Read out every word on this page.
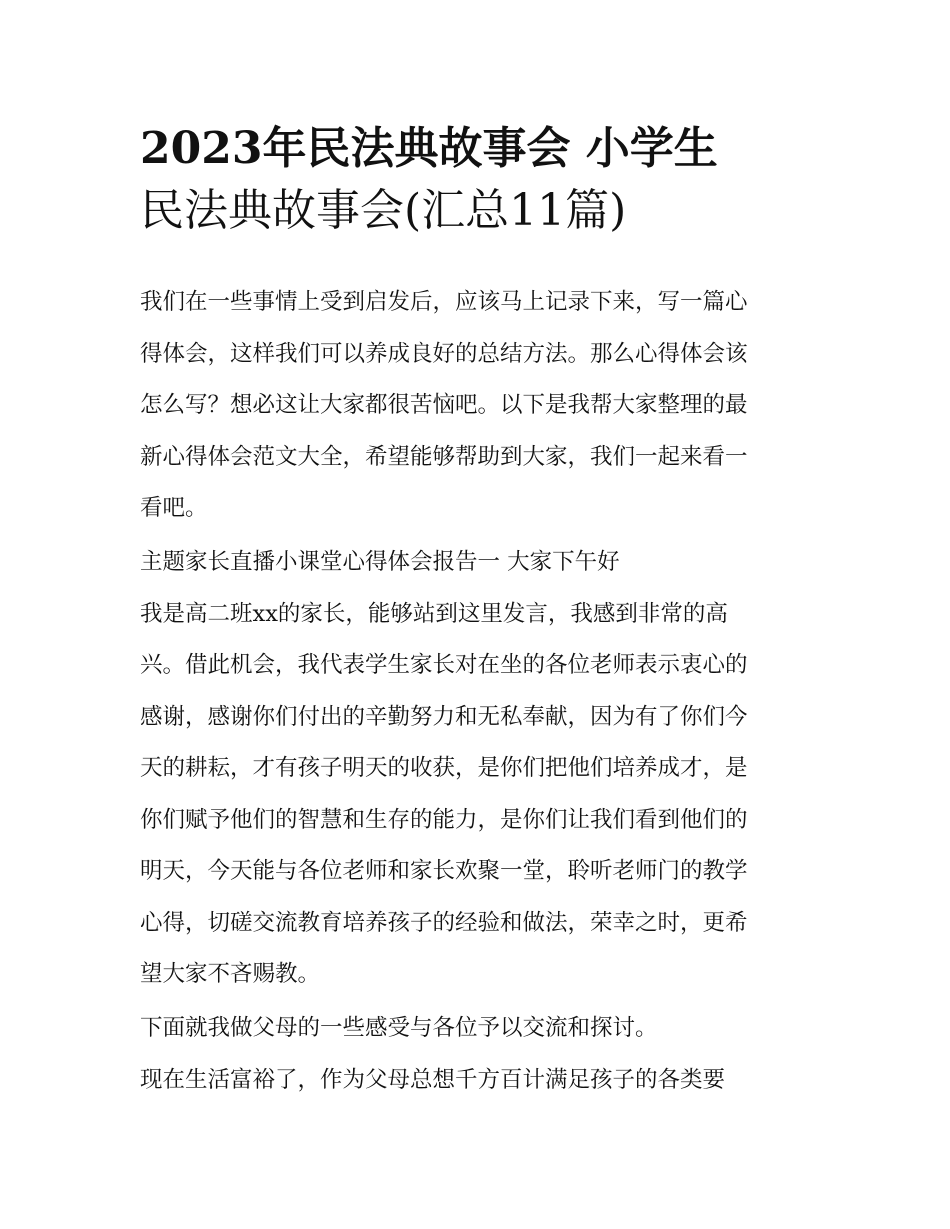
2023年民法典故事会 小学生
民法典故事会(汇总11篇)

我们在一些事情上受到启发后，应该马上记录下来，写一篇心
得体会，这样我们可以养成良好的总结方法。那么心得体会该
怎么写？想必这让大家都很苦恼吧。以下是我帮大家整理的最
新心得体会范文大全，希望能够帮助到大家，我们一起来看一
看吧。

主题家长直播小课堂心得体会报告一 大家下午好

我是高二班xx的家长，能够站到这里发言，我感到非常的高
兴。借此机会，我代表学生家长对在坐的各位老师表示衷心的
感谢，感谢你们付出的辛勤努力和无私奉献，因为有了你们今
天的耕耘，才有孩子明天的收获，是你们把他们培养成才，是
你们赋予他们的智慧和生存的能力，是你们让我们看到他们的
明天，今天能与各位老师和家长欢聚一堂，聆听老师门的教学
心得，切磋交流教育培养孩子的经验和做法，荣幸之时，更希
望大家不吝赐教。

下面就我做父母的一些感受与各位予以交流和探讨。

现在生活富裕了，作为父母总想千方百计满足孩子的各类要
